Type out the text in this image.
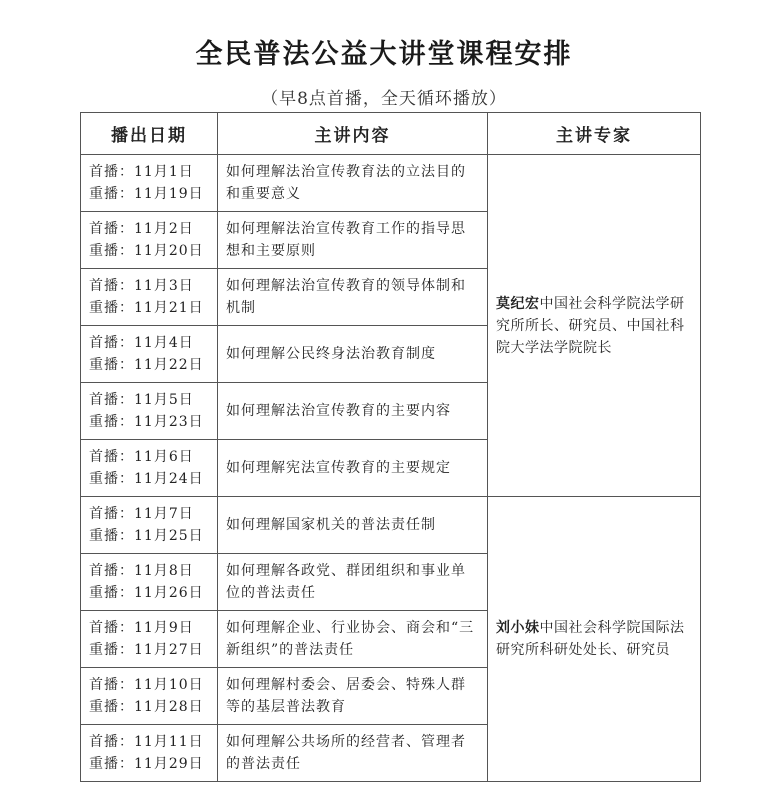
全民普法公益大讲堂课程安排
（早8点首播，全天循环播放）
播出日期	主讲内容	主讲专家

首播：11月1日
重播：11月19日	如何理解法治宣传教育法的立法目的和重要意义	莫纪宏中国社会科学院法学研究所所长、研究员、中国社科院大学法学院院长

首播：11月2日
重播：11月20日	如何理解法治宣传教育工作的指导思想和主要原则	

首播：11月3日
重播：11月21日	如何理解法治宣传教育的领导体制和机制	

首播：11月4日
重播：11月22日	如何理解公民终身法治教育制度	

首播：11月5日
重播：11月23日	如何理解法治宣传教育的主要内容	

首播：11月6日
重播：11月24日	如何理解宪法宣传教育的主要规定	

首播：11月7日
重播：11月25日	如何理解国家机关的普法责任制	刘小妹中国社会科学院国际法研究所科研处处长、研究员

首播：11月8日
重播：11月26日	如何理解各政党、群团组织和事业单位的普法责任	

首播：11月9日
重播：11月27日	如何理解企业、行业协会、商会和“三新组织”的普法责任	

首播：11月10日
重播：11月28日	如何理解村委会、居委会、特殊人群等的基层普法教育	

首播：11月11日
重播：11月29日	如何理解公共场所的经营者、管理者的普法责任	
